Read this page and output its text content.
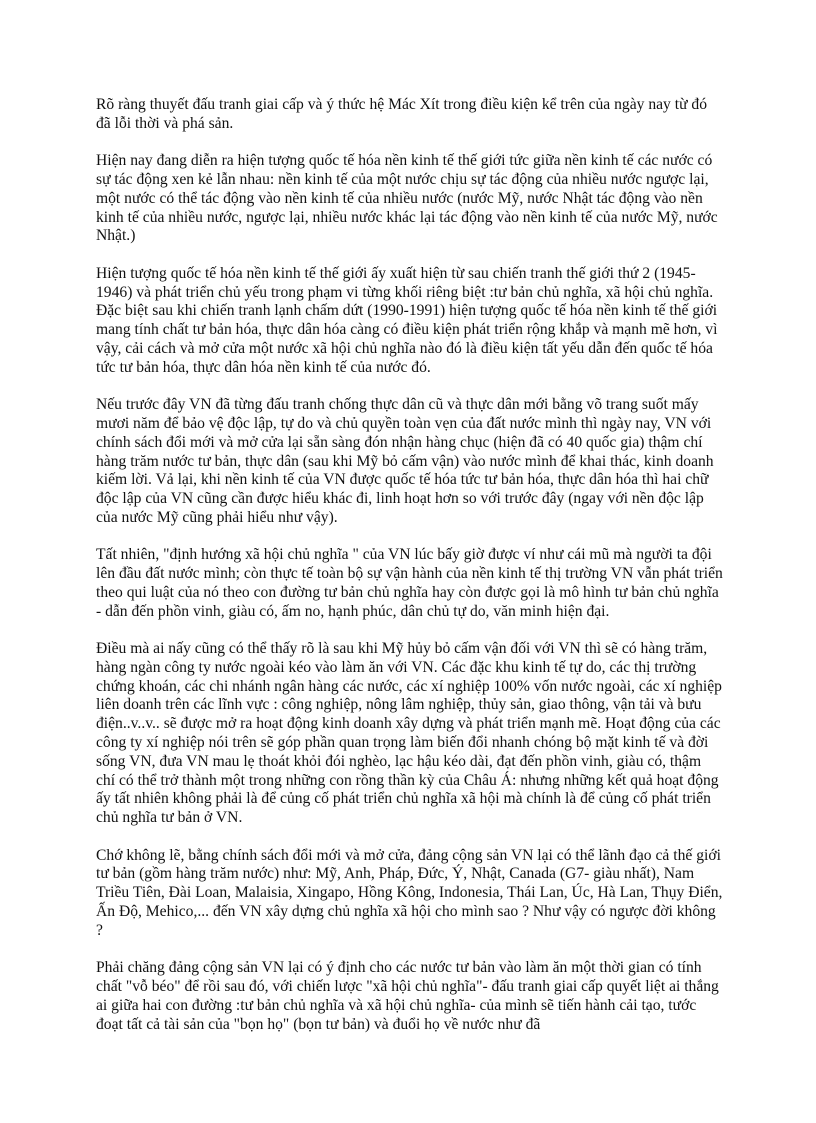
Rõ ràng thuyết đấu tranh giai cấp và ý thức hệ Mác Xít trong điều kiện kể trên của ngày nay từ đó đã lỗi thời và phá sản.

Hiện nay đang diễn ra hiện tượng quốc tế hóa nền kinh tế thế giới tức giữa nền kinh tế các nước có sự tác động xen kẻ lẫn nhau: nền kinh tế của một nước chịu sự tác động của nhiều nước ngược lại, một nước có thể tác động vào nền kinh tế của nhiều nước (nước Mỹ, nước Nhật tác động vào nền kinh tế của nhiều nước, ngược lại, nhiều nước khác lại tác động vào nền kinh tế của nước Mỹ, nước Nhật.)

Hiện tượng quốc tế hóa nền kinh tế thế giới ấy xuất hiện từ sau chiến tranh thế giới thứ 2 (1945-1946) và phát triển chủ yếu trong phạm vi từng khối riêng biệt :tư bản chủ nghĩa, xã hội chủ nghĩa. Đặc biệt sau khi chiến tranh lạnh chấm dứt (1990-1991) hiện tượng quốc tế hóa nền kinh tế thế giới mang tính chất tư bản hóa, thực dân hóa càng có điều kiện phát triển rộng khắp và mạnh mẽ hơn, vì vậy, cải cách và mở cửa một nước xã hội chủ nghĩa nào đó là điều kiện tất yếu dẫn đến quốc tế hóa tức tư bản hóa, thực dân hóa nền kinh tế của nước đó.

Nếu trước đây VN đã từng đấu tranh chống thực dân cũ và thực dân mới bằng võ trang suốt mấy mươi năm để bảo vệ độc lập, tự do và chủ quyền toàn vẹn của đất nước mình thì ngày nay, VN với chính sách đổi mới và mở cửa lại sẵn sàng đón nhận hàng chục (hiện đã có 40 quốc gia) thậm chí hàng trăm nước tư bản, thực dân (sau khi Mỹ bỏ cấm vận) vào nước mình để khai thác, kinh doanh kiếm lời. Vả lại, khi nền kinh tế của VN được quốc tế hóa tức tư bản hóa, thực dân hóa thì hai chữ độc lập của VN cũng cần được hiểu khác đi, linh hoạt hơn so với trước đây (ngay với nền độc lập của nước Mỹ cũng phải hiểu như vậy).

Tất nhiên, "định hướng xã hội chủ nghĩa " của VN lúc bấy giờ được ví như cái mũ mà người ta đội lên đầu đất nước mình; còn thực tế toàn bộ sự vận hành của nền kinh tế thị trường VN vẫn phát triển theo qui luật của nó theo con đường tư bản chủ nghĩa hay còn được gọi là mô hình tư bản chủ nghĩa - dẫn đến phồn vinh, giàu có, ấm no, hạnh phúc, dân chủ tự do, văn minh hiện đại.

Điều mà ai nấy cũng có thể thấy rõ là sau khi Mỹ hủy bỏ cấm vận đối với VN thì sẽ có hàng trăm, hàng ngàn công ty nước ngoài kéo vào làm ăn với VN. Các đặc khu kinh tế tự do, các thị trường chứng khoán, các chi nhánh ngân hàng các nước, các xí nghiệp 100% vốn nước ngoài, các xí nghiệp liên doanh trên các lĩnh vực : công nghiệp, nông lâm nghiệp, thủy sản, giao thông, vận tải và bưu điện..v..v.. sẽ được mở ra hoạt động kinh doanh xây dựng và phát triển mạnh mẽ. Hoạt động của các công ty xí nghiệp nói trên sẽ góp phần quan trọng làm biến đổi nhanh chóng bộ mặt kinh tế và đời sống VN, đưa VN mau lẹ thoát khỏi đói nghèo, lạc hậu kéo dài, đạt đến phồn vinh, giàu có, thậm chí có thể trở thành một trong những con rồng thần kỳ của Châu Á: nhưng những kết quả hoạt động ấy tất nhiên không phải là để củng cố phát triển chủ nghĩa xã hội mà chính là để củng cố phát triển chủ nghĩa tư bản ở VN.

Chớ không lẽ, bằng chính sách đổi mới và mở cửa, đảng cộng sản VN lại có thể lãnh đạo cả thế giới tư bản (gồm hàng trăm nước) như: Mỹ, Anh, Pháp, Đức, Ý, Nhật, Canada (G7- giàu nhất), Nam Triều Tiên, Đài Loan, Malaisia, Xingapo, Hồng Kông, Indonesia, Thái Lan, Úc, Hà Lan, Thụy Điển, Ấn Độ, Mehico,... đến VN xây dựng chủ nghĩa xã hội cho mình sao ? Như vậy có ngược đời không ?

Phải chăng đảng cộng sản VN lại có ý định cho các nước tư bản vào làm ăn một thời gian có tính chất "vỗ béo" để rồi sau đó, với chiến lược "xã hội chủ nghĩa"- đấu tranh giai cấp quyết liệt ai thắng ai giữa hai con đường :tư bản chủ nghĩa và xã hội chủ nghĩa- của mình sẽ tiến hành cải tạo, tước đoạt tất cả tài sản của "bọn họ" (bọn tư bản) và đuổi họ về nước như đã
